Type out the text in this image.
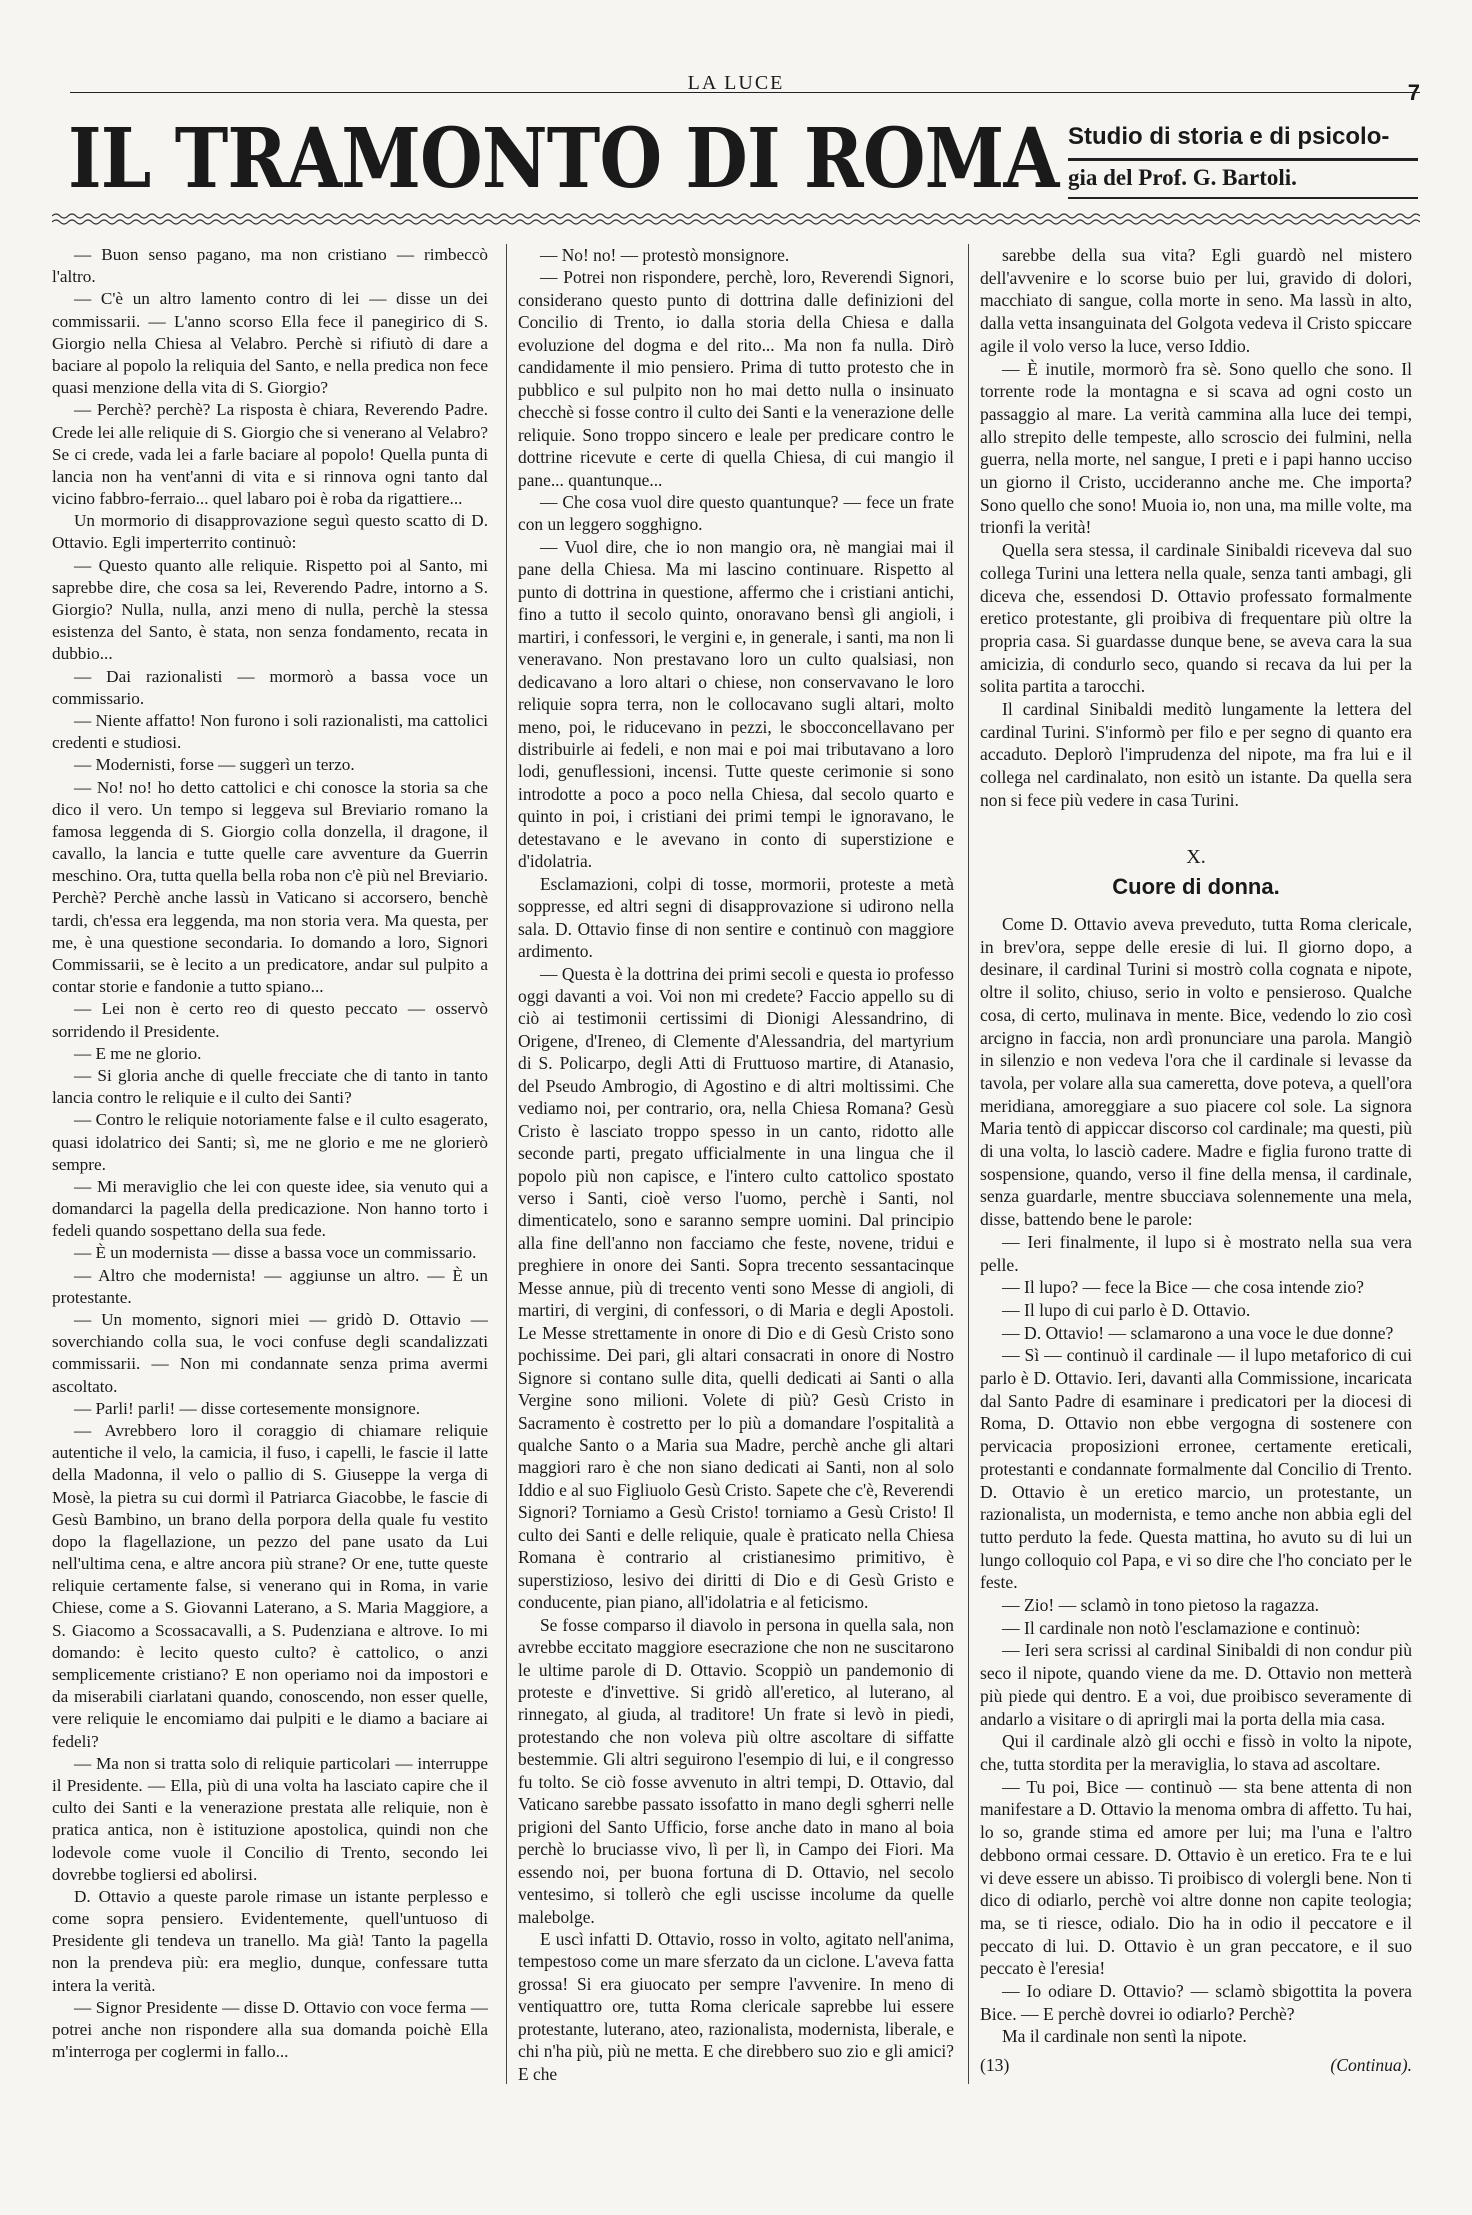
LA LUCE	7
IL TRAMONTO DI ROMA Studio di storia e di psicolo-
gia del Prof. G. Bartoli.

— Buon senso pagano, ma non cristiano — rimbeccò l'altro.

— C'è un altro lamento contro di lei — disse un dei commissarii. — L'anno scorso Ella fece il panegirico di S. Giorgio nella Chiesa al Velabro. Perchè si rifiutò di dare a baciare al popolo la reliquia del Santo, e nella predica non fece quasi menzione della vita di S. Giorgio?

— Perchè? perchè? La risposta è chiara, Reverendo Padre. Crede lei alle reliquie di S. Giorgio che si venerano al Velabro? Se ci crede, vada lei a farle baciare al popolo! Quella punta di lancia non ha vent'anni di vita e si rinnova ogni tanto dal vicino fabbro-ferraio... quel labaro poi è roba da rigattiere...

Un mormorio di disapprovazione seguì questo scatto di D. Ottavio. Egli imperterrito continuò:

— Questo quanto alle reliquie. Rispetto poi al Santo, mi saprebbe dire, che cosa sa lei, Reverendo Padre, intorno a S. Giorgio? Nulla, nulla, anzi meno di nulla, perchè la stessa esistenza del Santo, è stata, non senza fondamento, recata in dubbio...

— Dai razionalisti — mormorò a bassa voce un commissario.

— Niente affatto! Non furono i soli razionalisti, ma cattolici credenti e studiosi.

— Modernisti, forse — suggerì un terzo.

— No! no! ho detto cattolici e chi conosce la storia sa che dico il vero. Un tempo si leggeva sul Breviario romano la famosa leggenda di S. Giorgio colla donzella, il dragone, il cavallo, la lancia e tutte quelle care avventure da Guerrin meschino. Ora, tutta quella bella roba non c'è più nel Breviario. Perchè? Perchè anche lassù in Vaticano si accorsero, benchè tardi, ch'essa era leggenda, ma non storia vera. Ma questa, per me, è una questione secondaria. Io domando a loro, Signori Commissarii, se è lecito a un predicatore, andar sul pulpito a contar storie e fandonie a tutto spiano...

— Lei non è certo reo di questo peccato — osservò sorridendo il Presidente.

— E me ne glorio.

— Si gloria anche di quelle frecciate che di tanto in tanto lancia contro le reliquie e il culto dei Santi?

— Contro le reliquie notoriamente false e il culto esagerato, quasi idolatrico dei Santi; sì, me ne glorio e me ne glorierò sempre.

— Mi meraviglio che lei con queste idee, sia venuto qui a domandarci la pagella della predicazione. Non hanno torto i fedeli quando sospettano della sua fede.

— È un modernista — disse a bassa voce un commissario.

— Altro che modernista! — aggiunse un altro. — È un protestante.

— Un momento, signori miei — gridò D. Ottavio — soverchiando colla sua, le voci confuse degli scandalizzati commissarii. — Non mi condannate senza prima avermi ascoltato.

— Parli! parli! — disse cortesemente monsignore.

— Avrebbero loro il coraggio di chiamare reliquie autentiche il velo, la camicia, il fuso, i capelli, le fascie il latte della Madonna, il velo o pallio di S. Giuseppe la verga di Mosè, la pietra su cui dormì il Patriarca Giacobbe, le fascie di Gesù Bambino, un brano della porpora della quale fu vestito dopo la flagellazione, un pezzo del pane usato da Lui nell'ultima cena, e altre ancora più strane? Or ene, tutte queste reliquie certamente false, si venerano qui in Roma, in varie Chiese, come a S. Giovanni Laterano, a S. Maria Maggiore, a S. Giacomo a Scossacavalli, a S. Pudenziana e altrove. Io mi domando: è lecito questo culto? è cattolico, o anzi semplicemente cristiano? E non operiamo noi da impostori e da miserabili ciarlatani quando, conoscendo, non esser quelle, vere reliquie le encomiamo dai pulpiti e le diamo a baciare ai fedeli?

— Ma non si tratta solo di reliquie particolari — interruppe il Presidente. — Ella, più di una volta ha lasciato capire che il culto dei Santi e la venerazione prestata alle reliquie, non è pratica antica, non è istituzione apostolica, quindi non che lodevole come vuole il Concilio di Trento, secondo lei dovrebbe togliersi ed abolirsi.

D. Ottavio a queste parole rimase un istante perplesso e come sopra pensiero. Evidentemente, quell'untuoso di Presidente gli tendeva un tranello. Ma già! Tanto la pagella non la prendeva più: era meglio, dunque, confessare tutta intera la verità.

— Signor Presidente — disse D. Ottavio con voce ferma — potrei anche non rispondere alla sua domanda poichè Ella m'interroga per coglermi in fallo...

— No! no! — protestò monsignore.

— Potrei non rispondere, perchè, loro, Reverendi Signori, considerano questo punto di dottrina dalle definizioni del Concilio di Trento, io dalla storia della Chiesa e dalla evoluzione del dogma e del rito... Ma non fa nulla. Dirò candidamente il mio pensiero. Prima di tutto protesto che in pubblico e sul pulpito non ho mai detto nulla o insinuato checchè si fosse contro il culto dei Santi e la venerazione delle reliquie. Sono troppo sincero e leale per predicare contro le dottrine ricevute e certe di quella Chiesa, di cui mangio il pane... quantunque...

— Che cosa vuol dire questo quantunque? — fece un frate con un leggero sogghigno.

— Vuol dire, che io non mangio ora, nè mangiai mai il pane della Chiesa. Ma mi lascino continuare. Rispetto al punto di dottrina in questione, affermo che i cristiani antichi, fino a tutto il secolo quinto, onoravano bensì gli angioli, i martiri, i confessori, le vergini e, in generale, i santi, ma non li veneravano. Non prestavano loro un culto qualsiasi, non dedicavano a loro altari o chiese, non conservavano le loro reliquie sopra terra, non le collocavano sugli altari, molto meno, poi, le riducevano in pezzi, le sbocconcellavano per distribuirle ai fedeli, e non mai e poi mai tributavano a loro lodi, genuflessioni, incensi. Tutte queste cerimonie si sono introdotte a poco a poco nella Chiesa, dal secolo quarto e quinto in poi, i cristiani dei primi tempi le ignoravano, le detestavano e le avevano in conto di superstizione e d'idolatria.

Esclamazioni, colpi di tosse, mormorii, proteste a metà soppresse, ed altri segni di disapprovazione si udirono nella sala. D. Ottavio finse di non sentire e continuò con maggiore ardimento.

— Questa è la dottrina dei primi secoli e questa io professo oggi davanti a voi. Voi non mi credete? Faccio appello su di ciò ai testimonii certissimi di Dionigi Alessandrino, di Origene, d'Ireneo, di Clemente d'Alessandria, del martyrium di S. Policarpo, degli Atti di Fruttuoso martire, di Atanasio, del Pseudo Ambrogio, di Agostino e di altri moltissimi. Che vediamo noi, per contrario, ora, nella Chiesa Romana? Gesù Cristo è lasciato troppo spesso in un canto, ridotto alle seconde parti, pregato ufficialmente in una lingua che il popolo più non capisce, e l'intero culto cattolico spostato verso i Santi, cioè verso l'uomo, perchè i Santi, nol dimenticatelo, sono e saranno sempre uomini. Dal principio alla fine dell'anno non facciamo che feste, novene, tridui e preghiere in onore dei Santi. Sopra trecento sessantacinque Messe annue, più di trecento venti sono Messe di angioli, di martiri, di vergini, di confessori, o di Maria e degli Apostoli. Le Messe strettamente in onore di Dio e di Gesù Cristo sono pochissime. Dei pari, gli altari consacrati in onore di Nostro Signore si contano sulle dita, quelli dedicati ai Santi o alla Vergine sono milioni. Volete di più? Gesù Cristo in Sacramento è costretto per lo più a domandare l'ospitalità a qualche Santo o a Maria sua Madre, perchè anche gli altari maggiori raro è che non siano dedicati ai Santi, non al solo Iddio e al suo Figliuolo Gesù Cristo. Sapete che c'è, Reverendi Signori? Torniamo a Gesù Cristo! torniamo a Gesù Cristo! Il culto dei Santi e delle reliquie, quale è praticato nella Chiesa Romana è contrario al cristianesimo primitivo, è superstizioso, lesivo dei diritti di Dio e di Gesù Gristo e conducente, pian piano, all'idolatria e al feticismo.

Se fosse comparso il diavolo in persona in quella sala, non avrebbe eccitato maggiore esecrazione che non ne suscitarono le ultime parole di D. Ottavio. Scoppiò un pandemonio di proteste e d'invettive. Si gridò all'eretico, al luterano, al rinnegato, al giuda, al traditore! Un frate si levò in piedi, protestando che non voleva più oltre ascoltare di siffatte bestemmie. Gli altri seguirono l'esempio di lui, e il congresso fu tolto. Se ciò fosse avvenuto in altri tempi, D. Ottavio, dal Vaticano sarebbe passato issofatto in mano degli sgherri nelle prigioni del Santo Ufficio, forse anche dato in mano al boia perchè lo bruciasse vivo, lì per lì, in Campo dei Fiori. Ma essendo noi, per buona fortuna di D. Ottavio, nel secolo ventesimo, si tollerò che egli uscisse incolume da quelle malebolge.

E uscì infatti D. Ottavio, rosso in volto, agitato nell'anima, tempestoso come un mare sferzato da un ciclone. L'aveva fatta grossa! Si era giuocato per sempre l'avvenire. In meno di ventiquattro ore, tutta Roma clericale saprebbe lui essere protestante, luterano, ateo, razionalista, modernista, liberale, e chi n'ha più, più ne metta. E che direbbero suo zio e gli amici? E che

sarebbe della sua vita? Egli guardò nel mistero dell'avvenire e lo scorse buio per lui, gravido di dolori, macchiato di sangue, colla morte in seno. Ma lassù in alto, dalla vetta insanguinata del Golgota vedeva il Cristo spiccare agile il volo verso la luce, verso Iddio.

— È inutile, mormorò fra sè. Sono quello che sono. Il torrente rode la montagna e si scava ad ogni costo un passaggio al mare. La verità cammina alla luce dei tempi, allo strepito delle tempeste, allo scroscio dei fulmini, nella guerra, nella morte, nel sangue, I preti e i papi hanno ucciso un giorno il Cristo, uccideranno anche me. Che importa? Sono quello che sono! Muoia io, non una, ma mille volte, ma trionfi la verità!

Quella sera stessa, il cardinale Sinibaldi riceveva dal suo collega Turini una lettera nella quale, senza tanti ambagi, gli diceva che, essendosi D. Ottavio professato formalmente eretico protestante, gli proibiva di frequentare più oltre la propria casa. Si guardasse dunque bene, se aveva cara la sua amicizia, di condurlo seco, quando si recava da lui per la solita partita a tarocchi.

Il cardinal Sinibaldi meditò lungamente la lettera del cardinal Turini. S'informò per filo e per segno di quanto era accaduto. Deplorò l'imprudenza del nipote, ma fra lui e il collega nel cardinalato, non esitò un istante. Da quella sera non si fece più vedere in casa Turini.

X.

Cuore di donna.

Come D. Ottavio aveva preveduto, tutta Roma clericale, in brev'ora, seppe delle eresie di lui. Il giorno dopo, a desinare, il cardinal Turini si mostrò colla cognata e nipote, oltre il solito, chiuso, serio in volto e pensieroso. Qualche cosa, di certo, mulinava in mente. Bice, vedendo lo zio così arcigno in faccia, non ardì pronunciare una parola. Mangiò in silenzio e non vedeva l'ora che il cardinale si levasse da tavola, per volare alla sua cameretta, dove poteva, a quell'ora meridiana, amoreggiare a suo piacere col sole. La signora Maria tentò di appiccar discorso col cardinale; ma questi, più di una volta, lo lasciò cadere. Madre e figlia furono tratte di sospensione, quando, verso il fine della mensa, il cardinale, senza guardarle, mentre sbucciava solennemente una mela, disse, battendo bene le parole:

— Ieri finalmente, il lupo si è mostrato nella sua vera pelle.

— Il lupo? — fece la Bice — che cosa intende zio?

— Il lupo di cui parlo è D. Ottavio.

— D. Ottavio! — sclamarono a una voce le due donne?

— Sì — continuò il cardinale — il lupo metaforico di cui parlo è D. Ottavio. Ieri, davanti alla Commissione, incaricata dal Santo Padre di esaminare i predicatori per la diocesi di Roma, D. Ottavio non ebbe vergogna di sostenere con pervicacia proposizioni erronee, certamente ereticali, protestanti e condannate formalmente dal Concilio di Trento. D. Ottavio è un eretico marcio, un protestante, un razionalista, un modernista, e temo anche non abbia egli del tutto perduto la fede. Questa mattina, ho avuto su di lui un lungo colloquio col Papa, e vi so dire che l'ho conciato per le feste.

— Zio! — sclamò in tono pietoso la ragazza.

— Il cardinale non notò l'esclamazione e continuò:

— Ieri sera scrissi al cardinal Sinibaldi di non condur più seco il nipote, quando viene da me. D. Ottavio non metterà più piede qui dentro. E a voi, due proibisco severamente di andarlo a visitare o di aprirgli mai la porta della mia casa.

Qui il cardinale alzò gli occhi e fissò in volto la nipote, che, tutta stordita per la meraviglia, lo stava ad ascoltare.

— Tu poi, Bice — continuò — sta bene attenta di non manifestare a D. Ottavio la menoma ombra di affetto. Tu hai, lo so, grande stima ed amore per lui; ma l'una e l'altro debbono ormai cessare. D. Ottavio è un eretico. Fra te e lui vi deve essere un abisso. Ti proibisco di volergli bene. Non ti dico di odiarlo, perchè voi altre donne non capite teologia; ma, se ti riesce, odialo. Dio ha in odio il peccatore e il peccato di lui. D. Ottavio è un gran peccatore, e il suo peccato è l'eresia!

— Io odiare D. Ottavio? — sclamò sbigottita la povera Bice. — E perchè dovrei io odiarlo? Perchè?

Ma il cardinale non sentì la nipote.

(13)	(Continua).
